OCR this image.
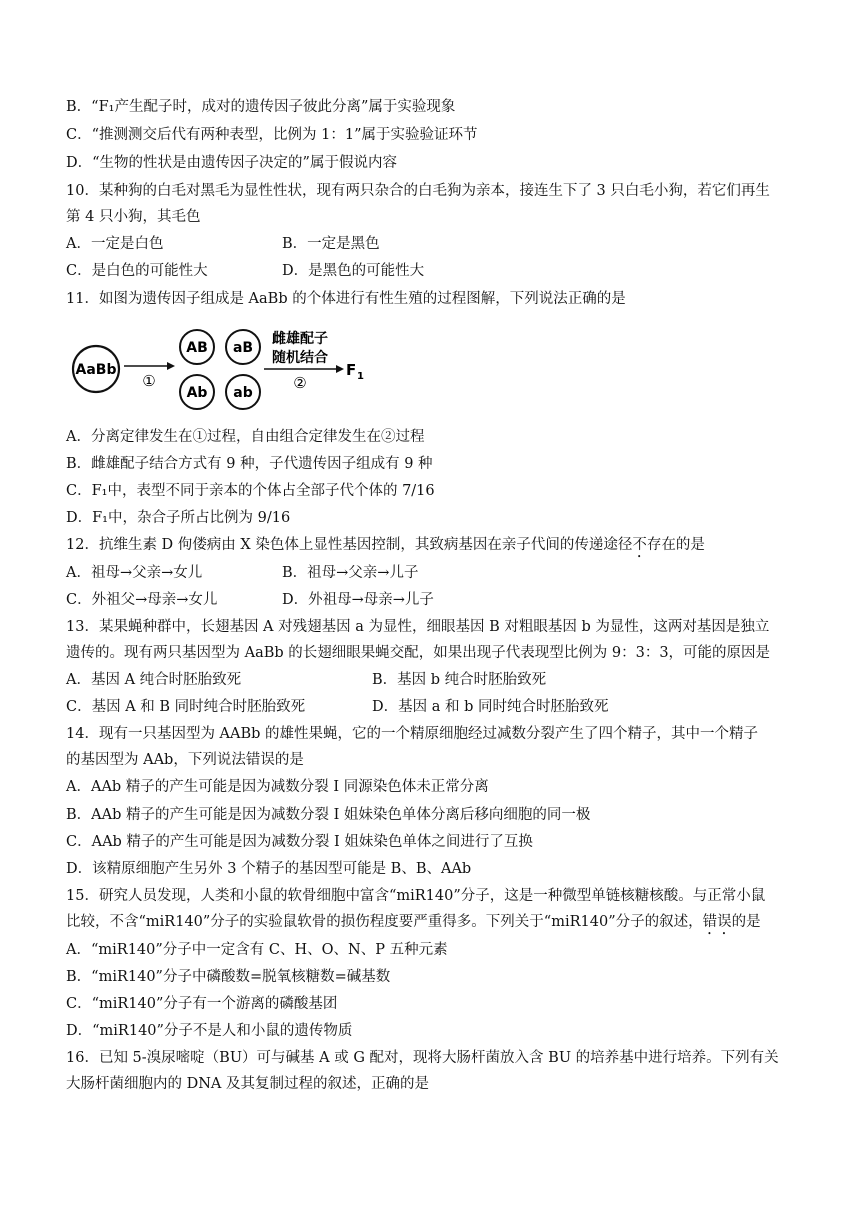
B．“F₁产生配子时，成对的遗传因子彼此分离”属于实验现象
C．“推测测交后代有两种表型，比例为 1：1”属于实验验证环节
D．“生物的性状是由遗传因子决定的”属于假说内容
10．某种狗的白毛对黑毛为显性性状，现有两只杂合的白毛狗为亲本，接连生下了 3 只白毛小狗，若它们再生
第 4 只小狗，其毛色
A．一定是白色	B．一定是黑色
C．是白色的可能性大	D．是黑色的可能性大
11．如图为遗传因子组成是 AaBb 的个体进行有性生殖的过程图解，下列说法正确的是
AaBb
①
AB aB
Ab ab
雌雄配子
随机结合
②
F 1
A．分离定律发生在①过程，自由组合定律发生在②过程
B．雌雄配子结合方式有 9 种，子代遗传因子组成有 9 种
C．F₁中，表型不同于亲本的个体占全部子代个体的 7/16
D．F₁中，杂合子所占比例为 9/16
12．抗维生素 D 佝偻病由 X 染色体上显性基因控制，其致病基因在亲子代间的传递途径不存在的是
A．祖母→父亲→女儿	B．祖母→父亲→儿子
C．外祖父→母亲→女儿	D．外祖母→母亲→儿子
13．某果蝇种群中，长翅基因 A 对残翅基因 a 为显性，细眼基因 B 对粗眼基因 b 为显性，这两对基因是独立
遗传的。现有两只基因型为 AaBb 的长翅细眼果蝇交配，如果出现子代表现型比例为 9：3：3，可能的原因是
A．基因 A 纯合时胚胎致死	B．基因 b 纯合时胚胎致死
C．基因 A 和 B 同时纯合时胚胎致死	D．基因 a 和 b 同时纯合时胚胎致死
14．现有一只基因型为 AABb 的雄性果蝇，它的一个精原细胞经过减数分裂产生了四个精子，其中一个精子
的基因型为 AAb，下列说法错误的是
A．AAb 精子的产生可能是因为减数分裂 I 同源染色体未正常分离
B．AAb 精子的产生可能是因为减数分裂 I 姐妹染色单体分离后移向细胞的同一极
C．AAb 精子的产生可能是因为减数分裂 I 姐妹染色单体之间进行了互换
D．该精原细胞产生另外 3 个精子的基因型可能是 B、B、AAb
15．研究人员发现，人类和小鼠的软骨细胞中富含“miR140”分子，这是一种微型单链核糖核酸。与正常小鼠
比较，不含“miR140”分子的实验鼠软骨的损伤程度要严重得多。下列关于“miR140”分子的叙述，错误的是
A．“miR140”分子中一定含有 C、H、O、N、P 五种元素
B．“miR140”分子中磷酸数=脱氧核糖数=碱基数
C．“miR140”分子有一个游离的磷酸基团
D．“miR140”分子不是人和小鼠的遗传物质
16．已知 5-溴尿嘧啶（BU）可与碱基 A 或 G 配对，现将大肠杆菌放入含 BU 的培养基中进行培养。下列有关
大肠杆菌细胞内的 DNA 及其复制过程的叙述，正确的是
